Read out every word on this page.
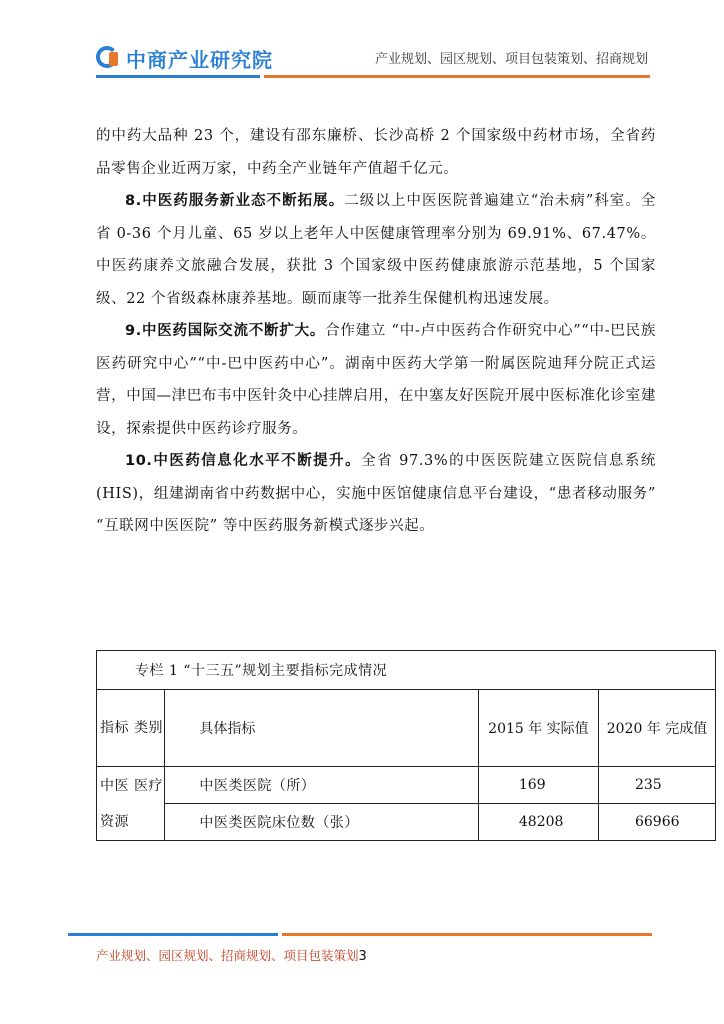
中商产业研究院	产业规划、园区规划、项目包装策划、招商规划

的中药大品种 23 个，建设有邵东廉桥、长沙高桥 2 个国家级中药材市场，全省药品零售企业近两万家，中药全产业链年产值超千亿元。

8.中医药服务新业态不断拓展。二级以上中医医院普遍建立“治未病”科室。全省 0-36 个月儿童、65 岁以上老年人中医健康管理率分别为 69.91%、67.47%。中医药康养文旅融合发展，获批 3 个国家级中医药健康旅游示范基地，5 个国家级、22 个省级森林康养基地。颐而康等一批养生保健机构迅速发展。

9.中医药国际交流不断扩大。合作建立 “中-卢中医药合作研究中心”“中-巴民族医药研究中心”“中-巴中医药中心”。湖南中医药大学第一附属医院迪拜分院正式运营，中国—津巴布韦中医针灸中心挂牌启用，在中塞友好医院开展中医标准化诊室建设，探索提供中医药诊疗服务。

10.中医药信息化水平不断提升。全省 97.3%的中医医院建立医院信息系统(HIS)，组建湖南省中药数据中心，实施中医馆健康信息平台建设，“患者移动服务” “互联网中医医院” 等中医药服务新模式逐步兴起。

专栏 1 “十三五”规划主要指标完成情况			
指标 类别	具体指标	2015 年 实际值	2020 年 完成值
中医 医疗 资源	中医类医院（所）	169	235
	中医类医院床位数（张）	48208	66966
产业规划、园区规划、招商规划、项目包装策划3
